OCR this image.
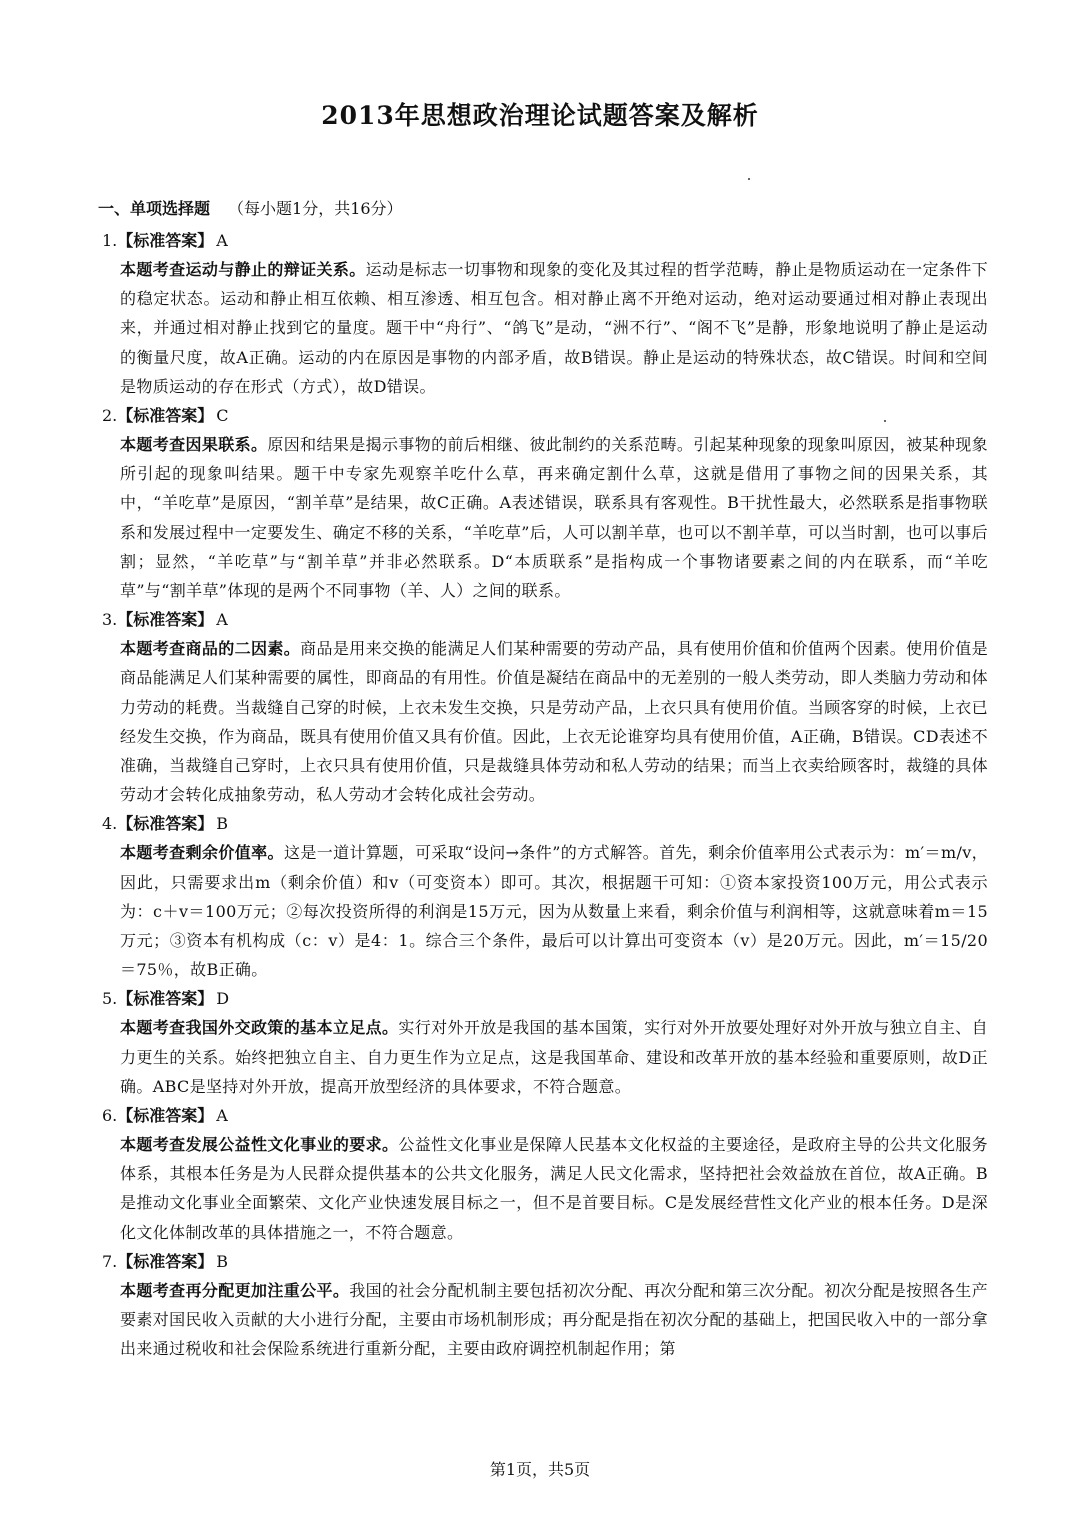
2013年思想政治理论试题答案及解析
一、单项选择题 （每小题1分，共16分）
1.【标准答案】 A

本题考查运动与静止的辩证关系。运动是标志一切事物和现象的变化及其过程的哲学范畴，静止是物质运动在一定条件下的稳定状态。运动和静止相互依赖、相互渗透、相互包含。相对静止离不开绝对运动，绝对运动要通过相对静止表现出来，并通过相对静止找到它的量度。题干中“舟行”、“鸽飞”是动，“洲不行”、“阁不飞”是静，形象地说明了静止是运动的衡量尺度，故A正确。运动的内在原因是事物的内部矛盾，故B错误。静止是运动的特殊状态，故C错误。时间和空间是物质运动的存在形式（方式），故D错误。

2.【标准答案】 C

本题考查因果联系。原因和结果是揭示事物的前后相继、彼此制约的关系范畴。引起某种现象的现象叫原因，被某种现象所引起的现象叫结果。题干中专家先观察羊吃什么草，再来确定割什么草，这就是借用了事物之间的因果关系，其中，“羊吃草”是原因，“割羊草”是结果，故C正确。A表述错误，联系具有客观性。B干扰性最大，必然联系是指事物联系和发展过程中一定要发生、确定不移的关系，“羊吃草”后，人可以割羊草，也可以不割羊草，可以当时割，也可以事后割；显然，“羊吃草”与“割羊草”并非必然联系。D“本质联系”是指构成一个事物诸要素之间的内在联系，而“羊吃草”与“割羊草”体现的是两个不同事物（羊、人）之间的联系。

3.【标准答案】 A

本题考查商品的二因素。商品是用来交换的能满足人们某种需要的劳动产品，具有使用价值和价值两个因素。使用价值是商品能满足人们某种需要的属性，即商品的有用性。价值是凝结在商品中的无差别的一般人类劳动，即人类脑力劳动和体力劳动的耗费。当裁缝自己穿的时候，上衣未发生交换，只是劳动产品，上衣只具有使用价值。当顾客穿的时候，上衣已经发生交换，作为商品，既具有使用价值又具有价值。因此，上衣无论谁穿均具有使用价值，A正确，B错误。CD表述不准确，当裁缝自己穿时，上衣只具有使用价值，只是裁缝具体劳动和私人劳动的结果；而当上衣卖给顾客时，裁缝的具体劳动才会转化成抽象劳动，私人劳动才会转化成社会劳动。

4.【标准答案】 B

本题考查剩余价值率。这是一道计算题，可采取“设问→条件”的方式解答。首先，剩余价值率用公式表示为：m′＝m/v，因此，只需要求出m（剩余价值）和v（可变资本）即可。其次，根据题干可知：①资本家投资100万元，用公式表示为：c＋v＝100万元；②每次投资所得的利润是15万元，因为从数量上来看，剩余价值与利润相等，这就意味着m＝15万元；③资本有机构成（c：v）是4：1。综合三个条件，最后可以计算出可变资本（v）是20万元。因此，m′＝15/20＝75％，故B正确。

5.【标准答案】 D

本题考查我国外交政策的基本立足点。实行对外开放是我国的基本国策，实行对外开放要处理好对外开放与独立自主、自力更生的关系。始终把独立自主、自力更生作为立足点，这是我国革命、建设和改革开放的基本经验和重要原则，故D正确。ABC是坚持对外开放，提高开放型经济的具体要求，不符合题意。

6.【标准答案】 A

本题考查发展公益性文化事业的要求。公益性文化事业是保障人民基本文化权益的主要途径，是政府主导的公共文化服务体系，其根本任务是为人民群众提供基本的公共文化服务，满足人民文化需求，坚持把社会效益放在首位，故A正确。B是推动文化事业全面繁荣、文化产业快速发展目标之一，但不是首要目标。C是发展经营性文化产业的根本任务。D是深化文化体制改革的具体措施之一，不符合题意。

7.【标准答案】 B

本题考查再分配更加注重公平。我国的社会分配机制主要包括初次分配、再次分配和第三次分配。初次分配是按照各生产要素对国民收入贡献的大小进行分配，主要由市场机制形成；再分配是指在初次分配的基础上，把国民收入中的一部分拿出来通过税收和社会保险系统进行重新分配，主要由政府调控机制起作用；第

第1页，共5页
